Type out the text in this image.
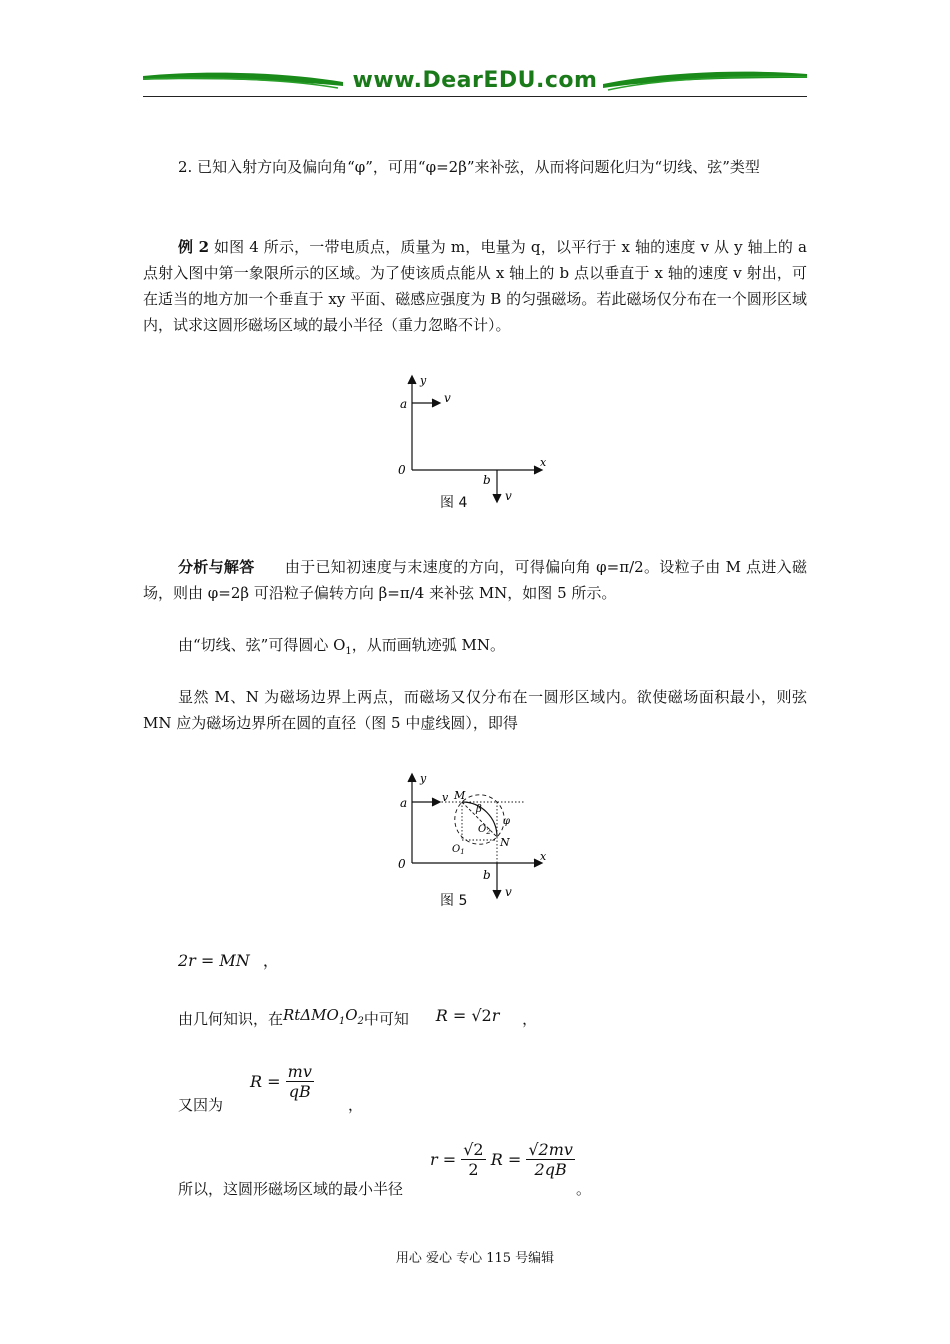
www.DearEDU.com

2. 已知入射方向及偏向角“φ”，可用“φ=2β”来补弦，从而将问题化归为“切线、弦”类型

例 2 如图 4 所示，一带电质点，质量为 m，电量为 q，以平行于 x 轴的速度 v 从 y 轴上的 a 点射入图中第一象限所示的区域。为了使该质点能从 x 轴上的 b 点以垂直于 x 轴的速度 v 射出，可在适当的地方加一个垂直于 xy 平面、磁感应强度为 B 的匀强磁场。若此磁场仅分布在一个圆形区域内，试求这圆形磁场区域的最小半径（重力忽略不计）。

y
a	v
0
x
b
v
图 4

分析与解答   由于已知初速度与末速度的方向，可得偏向角 φ=π/2。设粒子由 M 点进入磁场，则由 φ=2β 可沿粒子偏转方向 β=π/4 来补弦 MN，如图 5 所示。

由“切线、弦”可得圆心 $O_1$，从而画轨迹弧 MN。

显然 M、N 为磁场边界上两点，而磁场又仅分布在一圆形区域内。欲使磁场面积最小，则弦 MN 应为磁场边界所在圆的直径（图 5 中虚线圆），即得

y
a	v M
β
φ
N
$O_2$
$O_1$
0
x
b
v
图 5
2r = MN ，
由几何知识，在$Rt\Delta MO_1O_2$中可知 R = √2r ，
又因为
$R = \frac{mv}{qB}$
，
所以，这圆形磁场区域的最小半径
$r = \frac{√2}{2}$ $R = \frac{√2mv}{2qB}$
。
用心 爱心 专心 115 号编辑
